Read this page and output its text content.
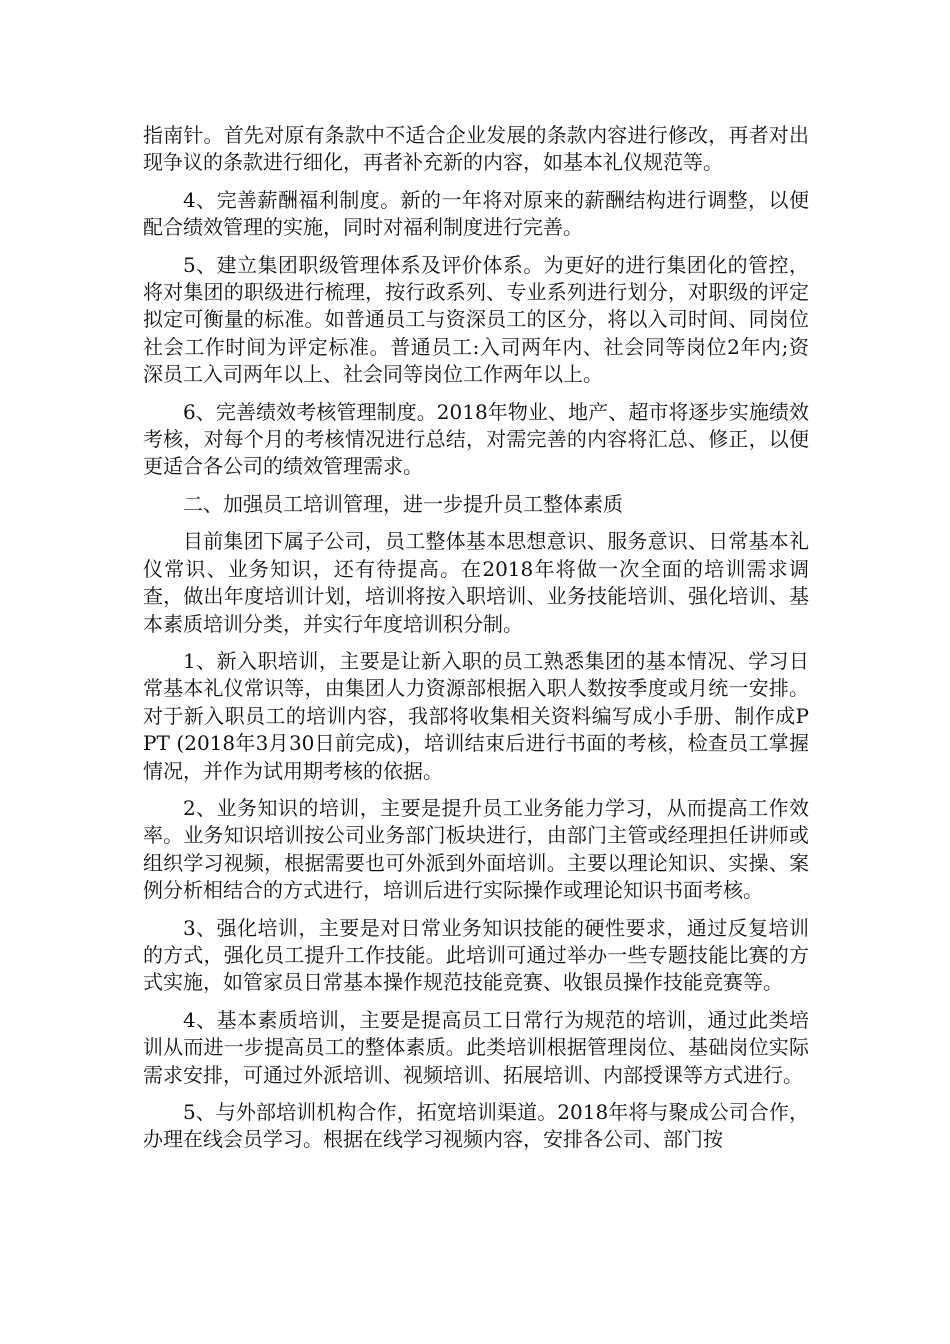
指南针。首先对原有条款中不适合企业发展的条款内容进行修改，再者对出现争议的条款进行细化，再者补充新的内容，如基本礼仪规范等。

4、完善薪酬福利制度。新的一年将对原来的薪酬结构进行调整，以便配合绩效管理的实施，同时对福利制度进行完善。

5、建立集团职级管理体系及评价体系。为更好的进行集团化的管控，将对集团的职级进行梳理，按行政系列、专业系列进行划分，对职级的评定拟定可衡量的标准。如普通员工与资深员工的区分，将以入司时间、同岗位社会工作时间为评定标准。普通员工:入司两年内、社会同等岗位2年内;资深员工入司两年以上、社会同等岗位工作两年以上。

6、完善绩效考核管理制度。2018年物业、地产、超市将逐步实施绩效考核，对每个月的考核情况进行总结，对需完善的内容将汇总、修正，以便更适合各公司的绩效管理需求。

二、加强员工培训管理，进一步提升员工整体素质

目前集团下属子公司，员工整体基本思想意识、服务意识、日常基本礼仪常识、业务知识，还有待提高。在2018年将做一次全面的培训需求调查，做出年度培训计划，培训将按入职培训、业务技能培训、强化培训、基本素质培训分类，并实行年度培训积分制。

1、新入职培训，主要是让新入职的员工熟悉集团的基本情况、学习日常基本礼仪常识等，由集团人力资源部根据入职人数按季度或月统一安排。对于新入职员工的培训内容，我部将收集相关资料编写成小手册、制作成PPT (2018年3月30日前完成)，培训结束后进行书面的考核，检查员工掌握情况，并作为试用期考核的依据。

2、业务知识的培训，主要是提升员工业务能力学习，从而提高工作效率。业务知识培训按公司业务部门板块进行，由部门主管或经理担任讲师或组织学习视频，根据需要也可外派到外面培训。主要以理论知识、实操、案例分析相结合的方式进行，培训后进行实际操作或理论知识书面考核。

3、强化培训，主要是对日常业务知识技能的硬性要求，通过反复培训的方式，强化员工提升工作技能。此培训可通过举办一些专题技能比赛的方式实施，如管家员日常基本操作规范技能竞赛、收银员操作技能竞赛等。

4、基本素质培训，主要是提高员工日常行为规范的培训，通过此类培训从而进一步提高员工的整体素质。此类培训根据管理岗位、基础岗位实际需求安排，可通过外派培训、视频培训、拓展培训、内部授课等方式进行。

5、与外部培训机构合作，拓宽培训渠道。2018年将与聚成公司合作，办理在线会员学习。根据在线学习视频内容，安排各公司、部门按
